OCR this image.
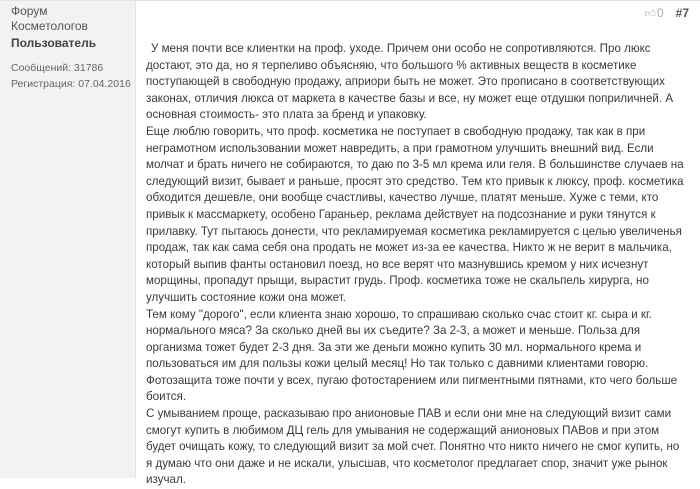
Форум
Косметологов
Пользователь
Сообщений: 31786
Регистрация: 07.04.2016
👍︎ 0 #7

У меня почти все клиентки на проф. уходе. Причем они особо не сопротивляются. Про люкс достают, это да, но я терпеливо объясняю, что большого % активных веществ в косметике поступающей в свободную продажу, априори быть не может. Это прописано в соответствующих законах, отличия люкса от маркета в качестве базы и все, ну может еще отдушки поприличней. А основная стоимость- это плата за бренд и упаковку.

Еще люблю говорить, что проф. косметика не поступает в свободную продажу, так как в при неграмотном использовании может навредить, а при грамотном улучшить внешний вид. Если молчат и брать ничего не собираются, то даю по 3-5 мл крема или геля. В большинстве случаев на следующий визит, бывает и раньше, просят это средство. Тем кто привык к люксу, проф. косметика обходится дешевле, они вообще счастливы, качество лучше, платят меньше. Хуже с теми, кто привык к массмаркету, особено Гараньер, реклама действует на подсознание и руки тянутся к прилавку. Тут пытаюсь донести, что рекламируемая косметика рекламируется с целью увеличенья продаж, так как сама себя она продать не может из-за ее качества. Никто ж не верит в мальчика, который выпив фанты остановил поезд, но все верят что мазнувшись кремом у них исчезнут морщины, пропадут прыщи, вырастит грудь. Проф. косметика тоже не скальпель хирурга, но улучшить состояние кожи она может.

Тем кому "дорого", если клиента знаю хорошо, то спрашиваю сколько счас стоит кг. сыра и кг. нормального мяса? За сколько дней вы их съедите? За 2-3, а может и меньше. Польза для организма тожет будет 2-3 дня. За эти же деньги можно купить 30 мл. нормального крема и пользоваться им для пользы кожи целый месяц! Но так только с давними клиентами говорю. Фотозащита тоже почти у всех, пугаю фотостарением или пигментными пятнами, кто чего больше боится.

С умыванием проще, расказываю про анионовые ПАВ и если они мне на следующий визит сами смогут купить в любимом ДЦ гель для умывания не содержащий анионовых ПАВов и при этом будет очищать кожу, то следующий визит за мой счет. Понятно что никто ничего не смог купить, но я думаю что они даже и не искали, улысшав, что косметолог предлагает спор, значит уже рынок изучал.
